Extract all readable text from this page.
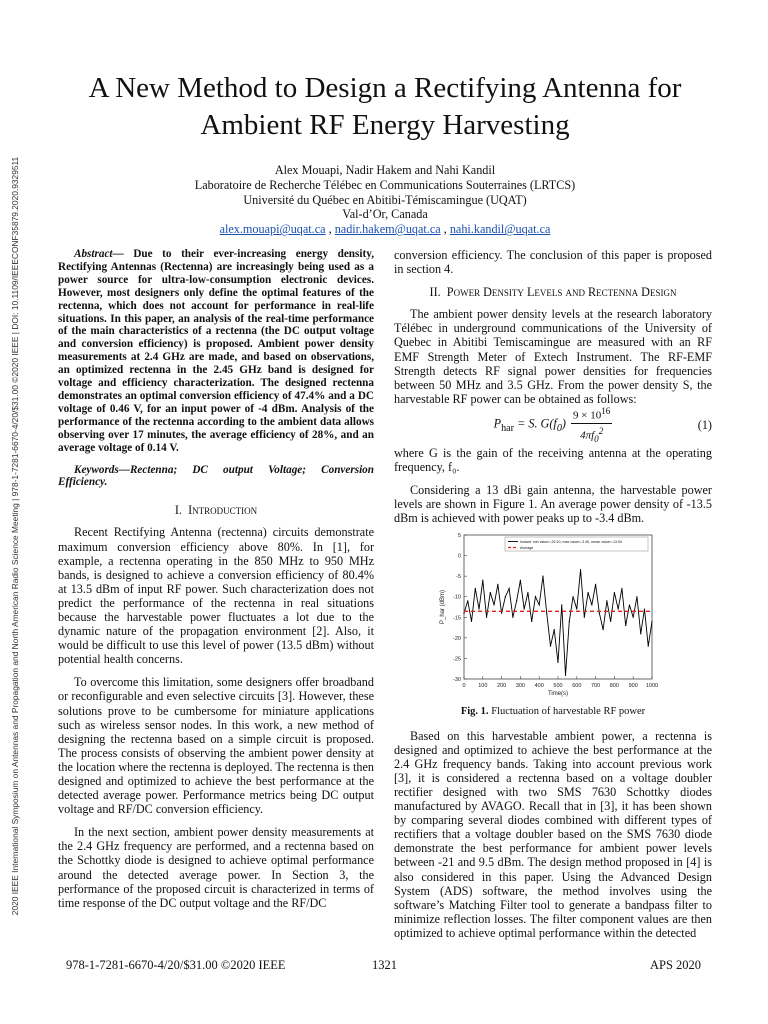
2020 IEEE International Symposium on Antennas and Propagation and North American Radio Science Meeting | 978-1-7281-6670-4/20/$31.00 ©2020 IEEE | DOI: 10.1109/IEEECONF35879.2020.9329511
A New Method to Design a Rectifying Antenna for Ambient RF Energy Harvesting
Alex Mouapi, Nadir Hakem and Nahi Kandil
Laboratoire de Recherche Télébec en Communications Souterraines (LRTCS)
Université du Québec en Abitibi-Témiscamingue (UQAT)
Val-d’Or, Canada
alex.mouapi@uqat.ca , nadir.hakem@uqat.ca , nahi.kandil@uqat.ca

Abstract— Due to their ever-increasing energy density, Rectifying Antennas (Rectenna) are increasingly being used as a power source for ultra-low-consumption electronic devices. However, most designers only define the optimal features of the rectenna, which does not account for performance in real-life situations. In this paper, an analysis of the real-time performance of the main characteristics of a rectenna (the DC output voltage and conversion efficiency) is proposed. Ambient power density measurements at 2.4 GHz are made, and based on observations, an optimized rectenna in the 2.45 GHz band is designed for voltage and efficiency characterization. The designed rectenna demonstrates an optimal conversion efficiency of 47.4% and a DC voltage of 0.46 V, for an input power of -4 dBm. Analysis of the performance of the rectenna according to the ambient data allows observing over 17 minutes, the average efficiency of 28%, and an average voltage of 0.14 V.

Keywords—Rectenna; DC output Voltage; Conversion Efficiency.

I. Introduction

Recent Rectifying Antenna (rectenna) circuits demonstrate maximum conversion efficiency above 80%. In [1], for example, a rectenna operating in the 850 MHz to 950 MHz bands, is designed to achieve a conversion efficiency of 80.4% at 13.5 dBm of input RF power. Such characterization does not predict the performance of the rectenna in real situations because the harvestable power fluctuates a lot due to the dynamic nature of the propagation environment [2]. Also, it would be difficult to use this level of power (13.5 dBm) without potential health concerns.

To overcome this limitation, some designers offer broadband or reconfigurable and even selective circuits [3]. However, these solutions prove to be cumbersome for miniature applications such as wireless sensor nodes. In this work, a new method of designing the rectenna based on a simple circuit is proposed. The process consists of observing the ambient power density at the location where the rectenna is deployed. The rectenna is then designed and optimized to achieve the best performance at the detected average power. Performance metrics being DC output voltage and RF/DC conversion efficiency.

In the next section, ambient power density measurements at the 2.4 GHz frequency are performed, and a rectenna based on the Schottky diode is designed to achieve optimal performance around the detected average power. In Section 3, the performance of the proposed circuit is characterized in terms of time response of the DC output voltage and the RF/DC

conversion efficiency. The conclusion of this paper is proposed in section 4.

II. Power Density Levels and Rectenna Design

The ambient power density levels at the research laboratory Télébec in underground communications of the University of Quebec in Abitibi Temiscamingue are measured with an RF EMF Strength Meter of Extech Instrument. The RF-EMF Strength detects RF signal power densities for frequencies between 50 MHz and 3.5 GHz. From the power density S, the harvestable RF power can be obtained as follows:

$P_{har} = S$. $G(f_0) \frac{9 \times 10^{16}}{4\pi f_0^2}$	(1)

where G is the gain of the receiving antenna at the operating frequency, f₀.

Considering a 13 dBi gain antenna, the harvestable power levels are shown in Figure 1. An average power density of -13.5 dBm is achieved with power peaks up to -3.4 dBm.

0 100 200 300 400 500 600 700 800 900 1000
5
0
-5
-10
-15
-20
-25
-30
Time(s)
P_har (dBm)
Instant: min value=-29.10, max value=-3.40, mean value=-13.54
Average
Fig. 1. Fluctuation of harvestable RF power

Based on this harvestable ambient power, a rectenna is designed and optimized to achieve the best performance at the 2.4 GHz frequency bands. Taking into account previous work [3], it is considered a rectenna based on a voltage doubler rectifier designed with two SMS 7630 Schottky diodes manufactured by AVAGO. Recall that in [3], it has been shown by comparing several diodes combined with different types of rectifiers that a voltage doubler based on the SMS 7630 diode demonstrate the best performance for ambient power levels between -21 and 9.5 dBm. The design method proposed in [4] is also considered in this paper. Using the Advanced Design System (ADS) software, the method involves using the software’s Matching Filter tool to generate a bandpass filter to minimize reflection losses. The filter component values are then optimized to achieve optimal performance within the detected

978-1-7281-6670-4/20/$31.00 ©2020 IEEE	1321	APS 2020
